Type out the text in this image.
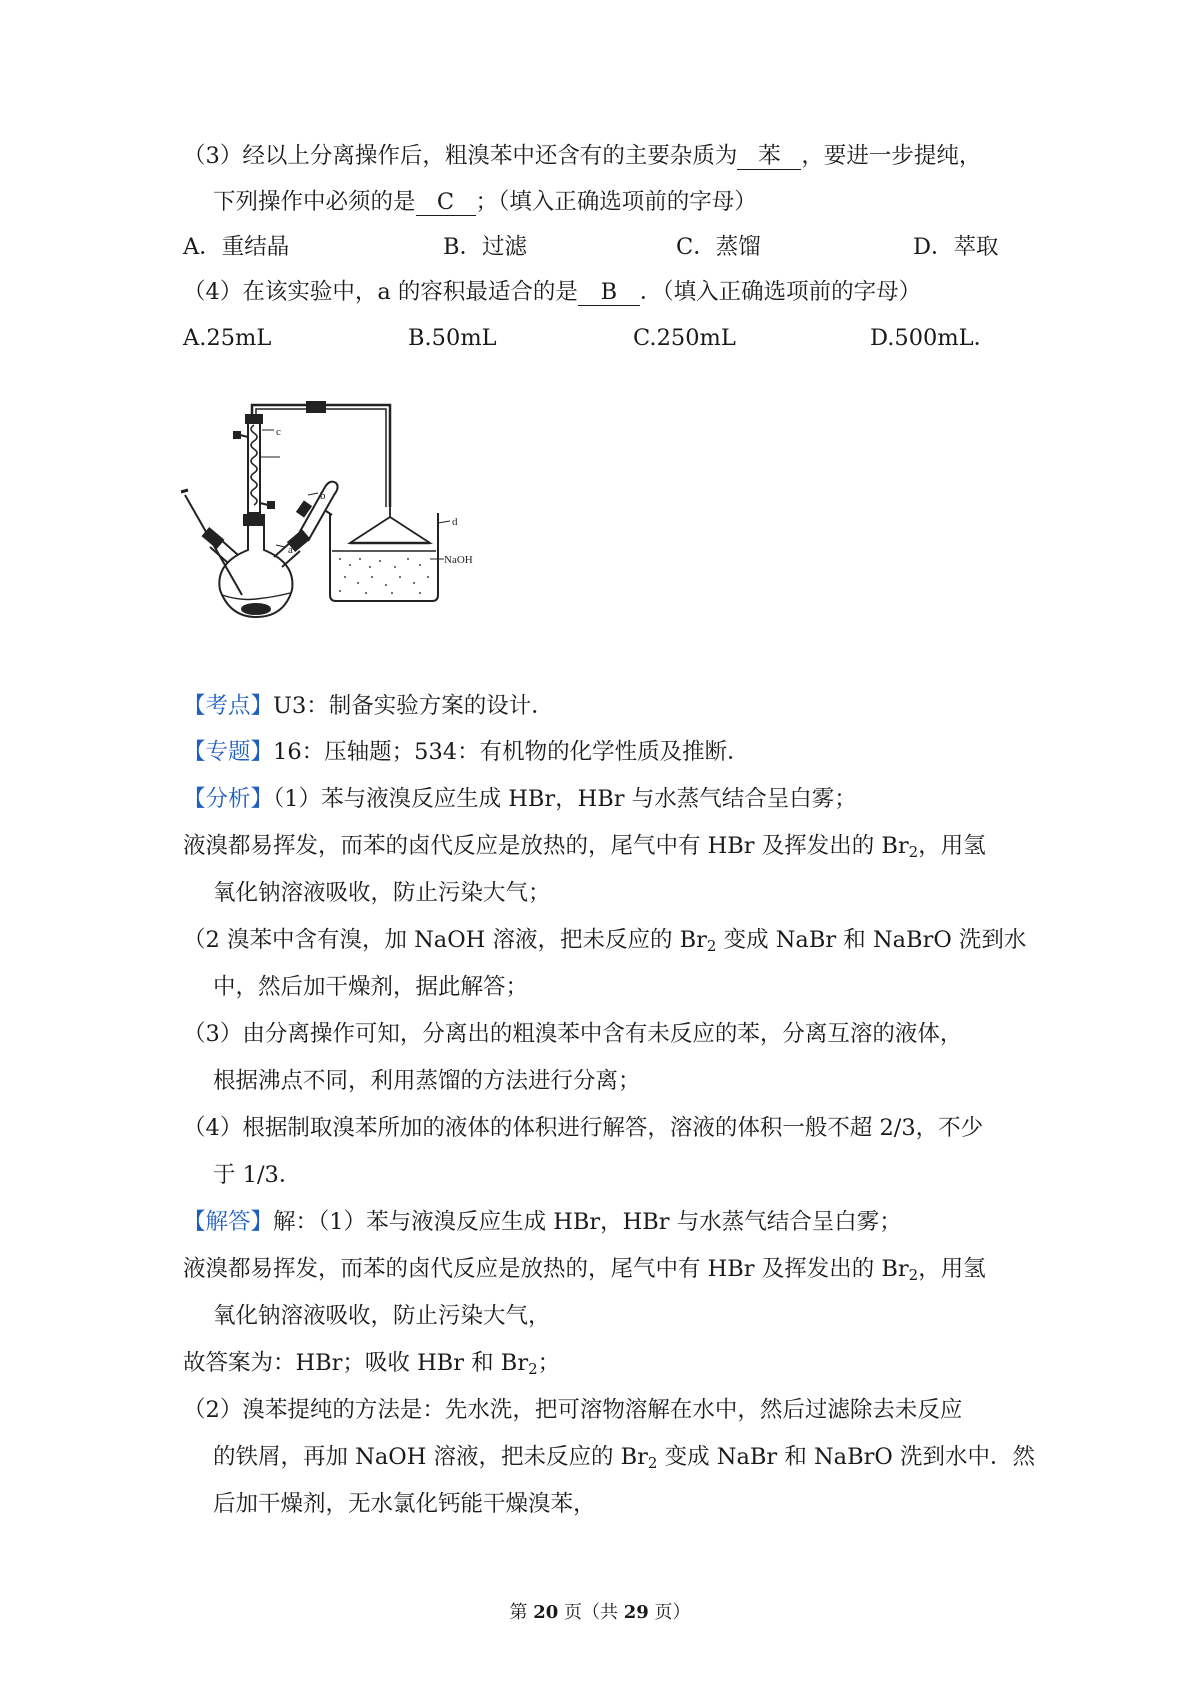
（3）经以上分离操作后，粗溴苯中还含有的主要杂质为 苯 ，要进一步提纯，
下列操作中必须的是 C ；（填入正确选项前的字母）
A．重结晶	B．过滤	C．蒸馏	D．萃取
（4）在该实验中，a 的容积最适合的是 B ．（填入正确选项前的字母）
A.25mL	B.50mL	C.250mL	D.500mL．
c
b
a
d
NaOH
【考点】U3：制备实验方案的设计．
【专题】16：压轴题；534：有机物的化学性质及推断．
【分析】（1）苯与液溴反应生成 HBr，HBr 与水蒸气结合呈白雾；
液溴都易挥发，而苯的卤代反应是放热的，尾气中有 HBr 及挥发出的 $Br_2$，用氢
氧化钠溶液吸收，防止污染大气；
（2 溴苯中含有溴，加 NaOH 溶液，把未反应的 $Br_2$ 变成 NaBr 和 NaBrO 洗到水
中，然后加干燥剂，据此解答；
（3）由分离操作可知，分离出的粗溴苯中含有未反应的苯，分离互溶的液体，
根据沸点不同，利用蒸馏的方法进行分离；
（4）根据制取溴苯所加的液体的体积进行解答，溶液的体积一般不超 2/3，不少
于 1/3．
【解答】解：（1）苯与液溴反应生成 HBr，HBr 与水蒸气结合呈白雾；
液溴都易挥发，而苯的卤代反应是放热的，尾气中有 HBr 及挥发出的 $Br_2$，用氢
氧化钠溶液吸收，防止污染大气，
故答案为：HBr；吸收 HBr 和 $Br_2$；
（2）溴苯提纯的方法是：先水洗，把可溶物溶解在水中，然后过滤除去未反应
的铁屑，再加 NaOH 溶液，把未反应的 $Br_2$ 变成 NaBr 和 NaBrO 洗到水中．然
后加干燥剂，无水氯化钙能干燥溴苯，
第 20 页（共 29 页）
